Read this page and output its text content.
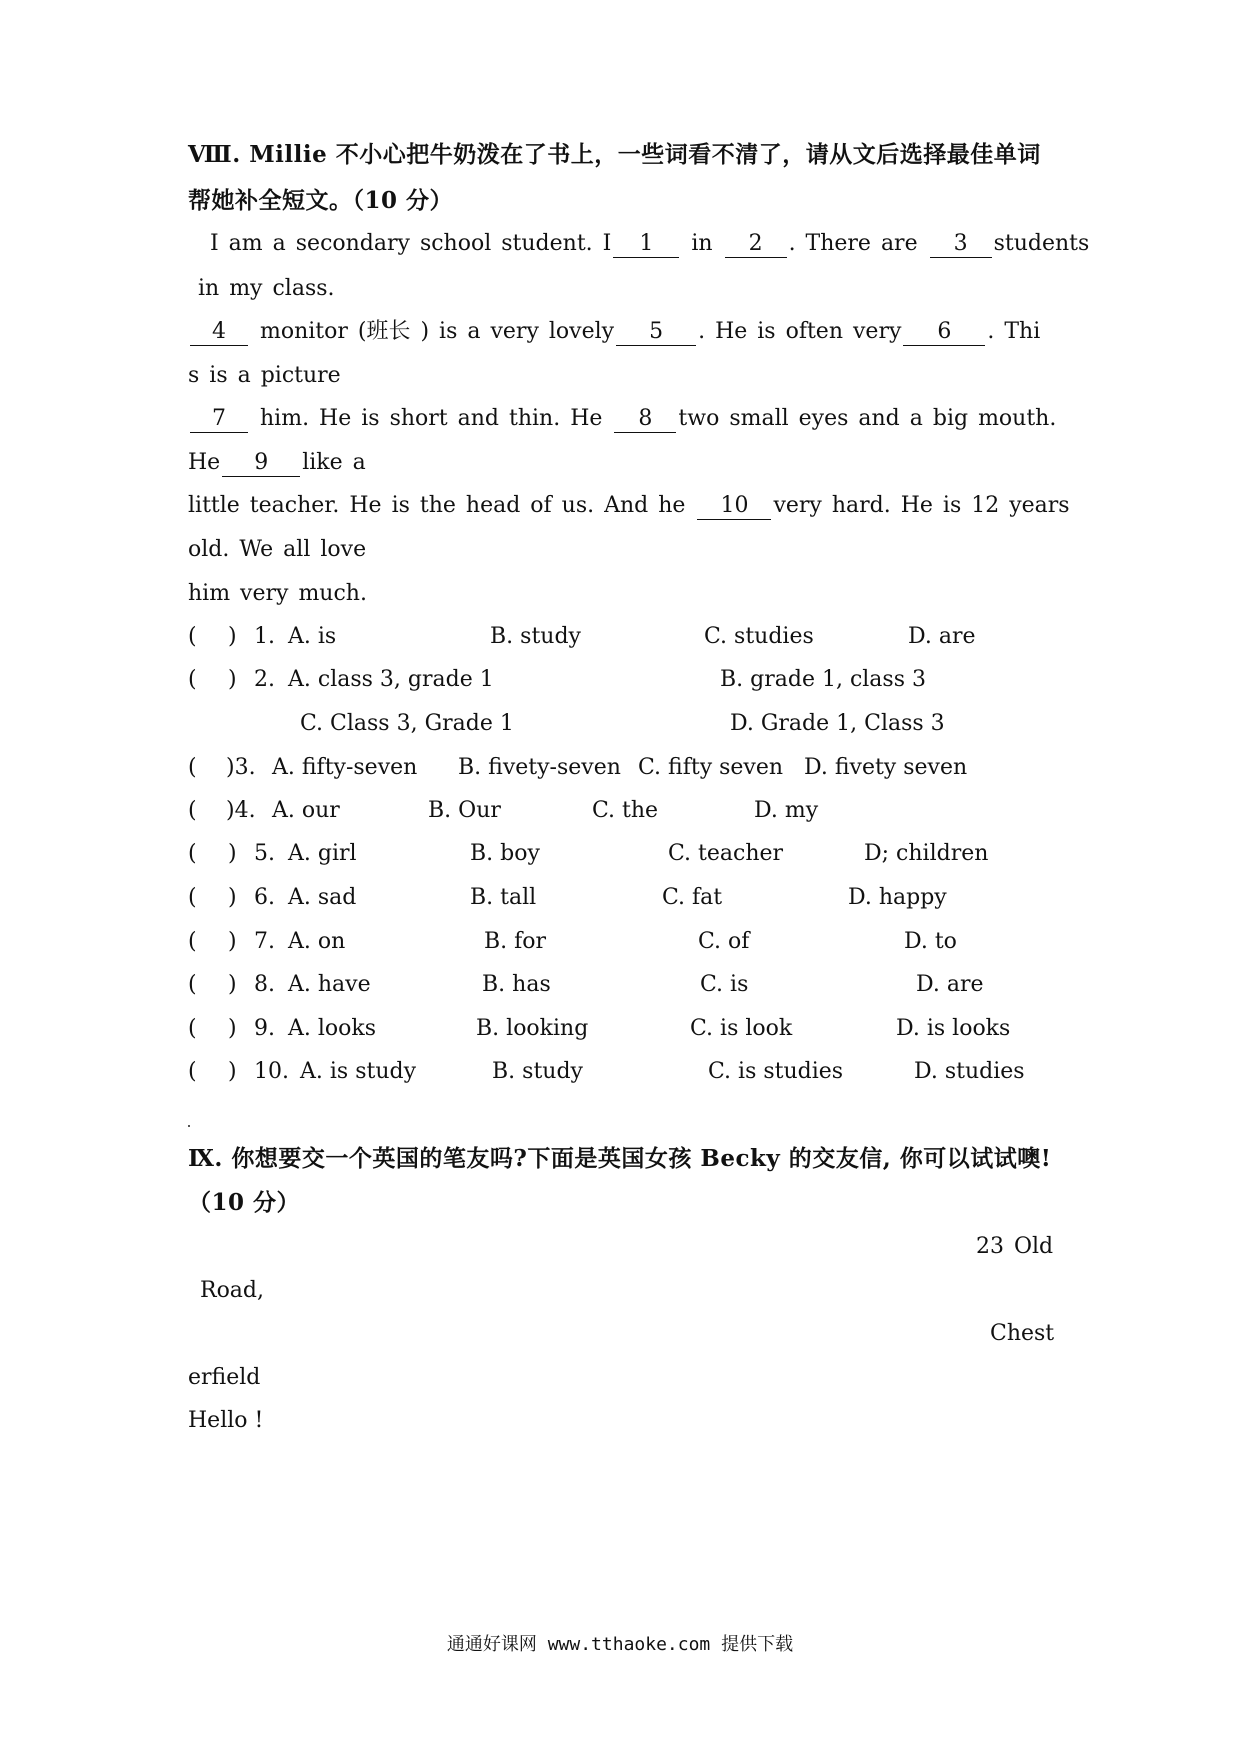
Ⅷ. Millie 不小心把牛奶泼在了书上，一些词看不清了，请从文后选择最佳单词
帮她补全短文。（10 分）
I am a secondary school student. I 1 in 2 . There are 3 students
in my class.
4 monitor (班长 ) is a very lovely 5 . He is often very 6 . Thi
s is a picture
7 him. He is short and thin. He 8 two small eyes and a big mouth.
He 9 like a
little teacher. He is the head of us. And he 10 very hard. He is 12 years
old. We all love
him very much.
( ) 1. A. is	B. study	C. studies	D. are
( ) 2. A. class 3, grade 1	B. grade 1, class 3
C. Class 3, Grade 1	D. Grade 1, Class 3
( )3. A. fifty-seven B. fivety-seven C. fifty seven D. fivety seven
( )4. A. our	B. Our	C. the	D. my
( ) 5. A. girl	B. boy	C. teacher	D; children
( ) 6. A. sad	B. tall	C. fat	D. happy
( ) 7. A. on	B. for	C. of	D. to
( ) 8. A. have	B. has	C. is	D. are
( ) 9. A. looks	B. looking	C. is look	D. is looks
( ) 10. A. is study	B. study	C. is studies	D. studies
Ⅸ. 你想要交一个英国的笔友吗?下面是英国女孩 Becky 的交友信, 你可以试试噢!
（10 分）
23 Old
Road,
Chest
erfield
Hello !
通通好课网 www.tthaoke.com 提供下载
